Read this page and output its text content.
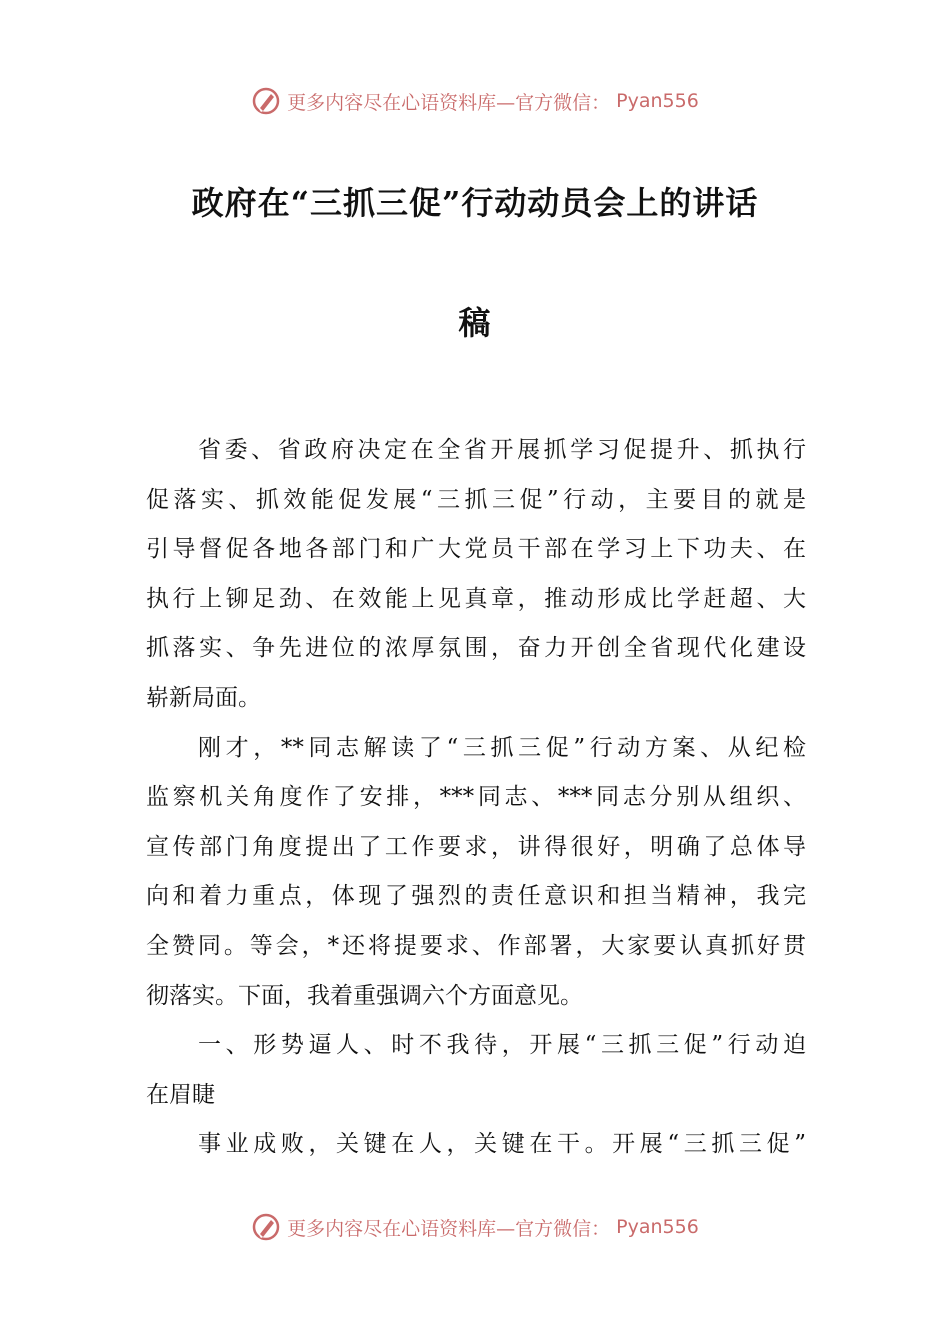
更多内容尽在心语资料库—官方微信： Pyan556
政府在“三抓三促”行动动员会上的讲话
稿
省委、省政府决定在全省开展抓学习促提升、抓执行
促落实、抓效能促发展“三抓三促”行动，主要目的就是
引导督促各地各部门和广大党员干部在学习上下功夫、在
执行上铆足劲、在效能上见真章，推动形成比学赶超、大
抓落实、争先进位的浓厚氛围，奋力开创全省现代化建设
崭新局面。
刚才，**同志解读了“三抓三促”行动方案、从纪检
监察机关角度作了安排，***同志、***同志分别从组织、
宣传部门角度提出了工作要求，讲得很好，明确了总体导
向和着力重点，体现了强烈的责任意识和担当精神，我完
全赞同。等会，*还将提要求、作部署，大家要认真抓好贯
彻落实。下面，我着重强调六个方面意见。
一、形势逼人、时不我待，开展“三抓三促”行动迫
在眉睫
事业成败，关键在人，关键在干。开展“三抓三促”
更多内容尽在心语资料库—官方微信： Pyan556
